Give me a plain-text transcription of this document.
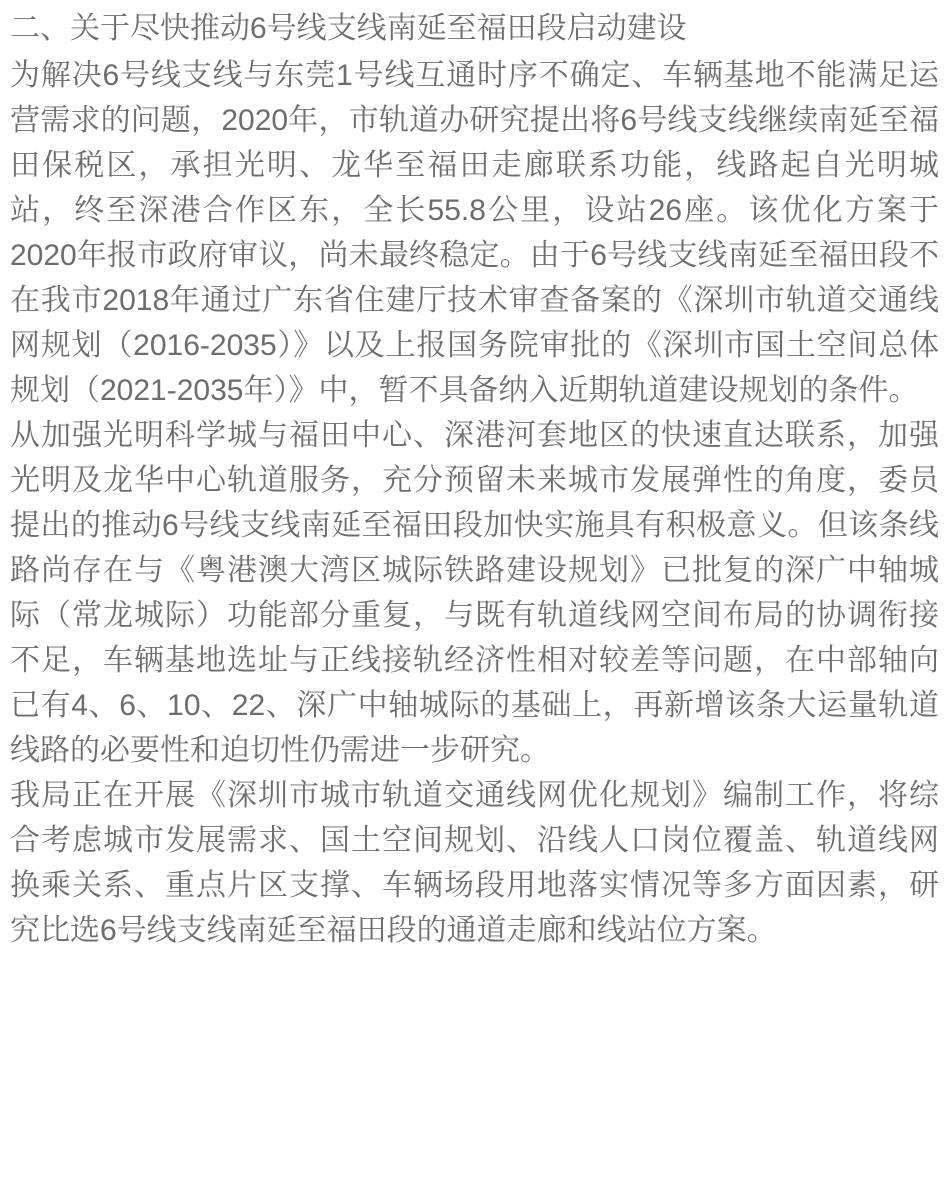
二、关于尽快推动6号线支线南延至福田段启动建设

为解决6号线支线与东莞1号线互通时序不确定、车辆基地不能满足运营需求的问题，2020年，市轨道办研究提出将6号线支线继续南延至福田保税区，承担光明、龙华至福田走廊联系功能，线路起自光明城站，终至深港合作区东，全长55.8公里，设站26座。该优化方案于2020年报市政府审议，尚未最终稳定。由于6号线支线南延至福田段不在我市2018年通过广东省住建厅技术审查备案的《深圳市轨道交通线网规划（2016-2035）》以及上报国务院审批的《深圳市国土空间总体规划（2021-2035年）》中，暂不具备纳入近期轨道建设规划的条件。

从加强光明科学城与福田中心、深港河套地区的快速直达联系，加强光明及龙华中心轨道服务，充分预留未来城市发展弹性的角度，委员提出的推动6号线支线南延至福田段加快实施具有积极意义。但该条线路尚存在与《粤港澳大湾区城际铁路建设规划》已批复的深广中轴城际（常龙城际）功能部分重复，与既有轨道线网空间布局的协调衔接不足，车辆基地选址与正线接轨经济性相对较差等问题，在中部轴向已有4、6、10、22、深广中轴城际的基础上，再新增该条大运量轨道线路的必要性和迫切性仍需进一步研究。

我局正在开展《深圳市城市轨道交通线网优化规划》编制工作，将综合考虑城市发展需求、国土空间规划、沿线人口岗位覆盖、轨道线网换乘关系、重点片区支撑、车辆场段用地落实情况等多方面因素，研究比选6号线支线南延至福田段的通道走廊和线站位方案。
